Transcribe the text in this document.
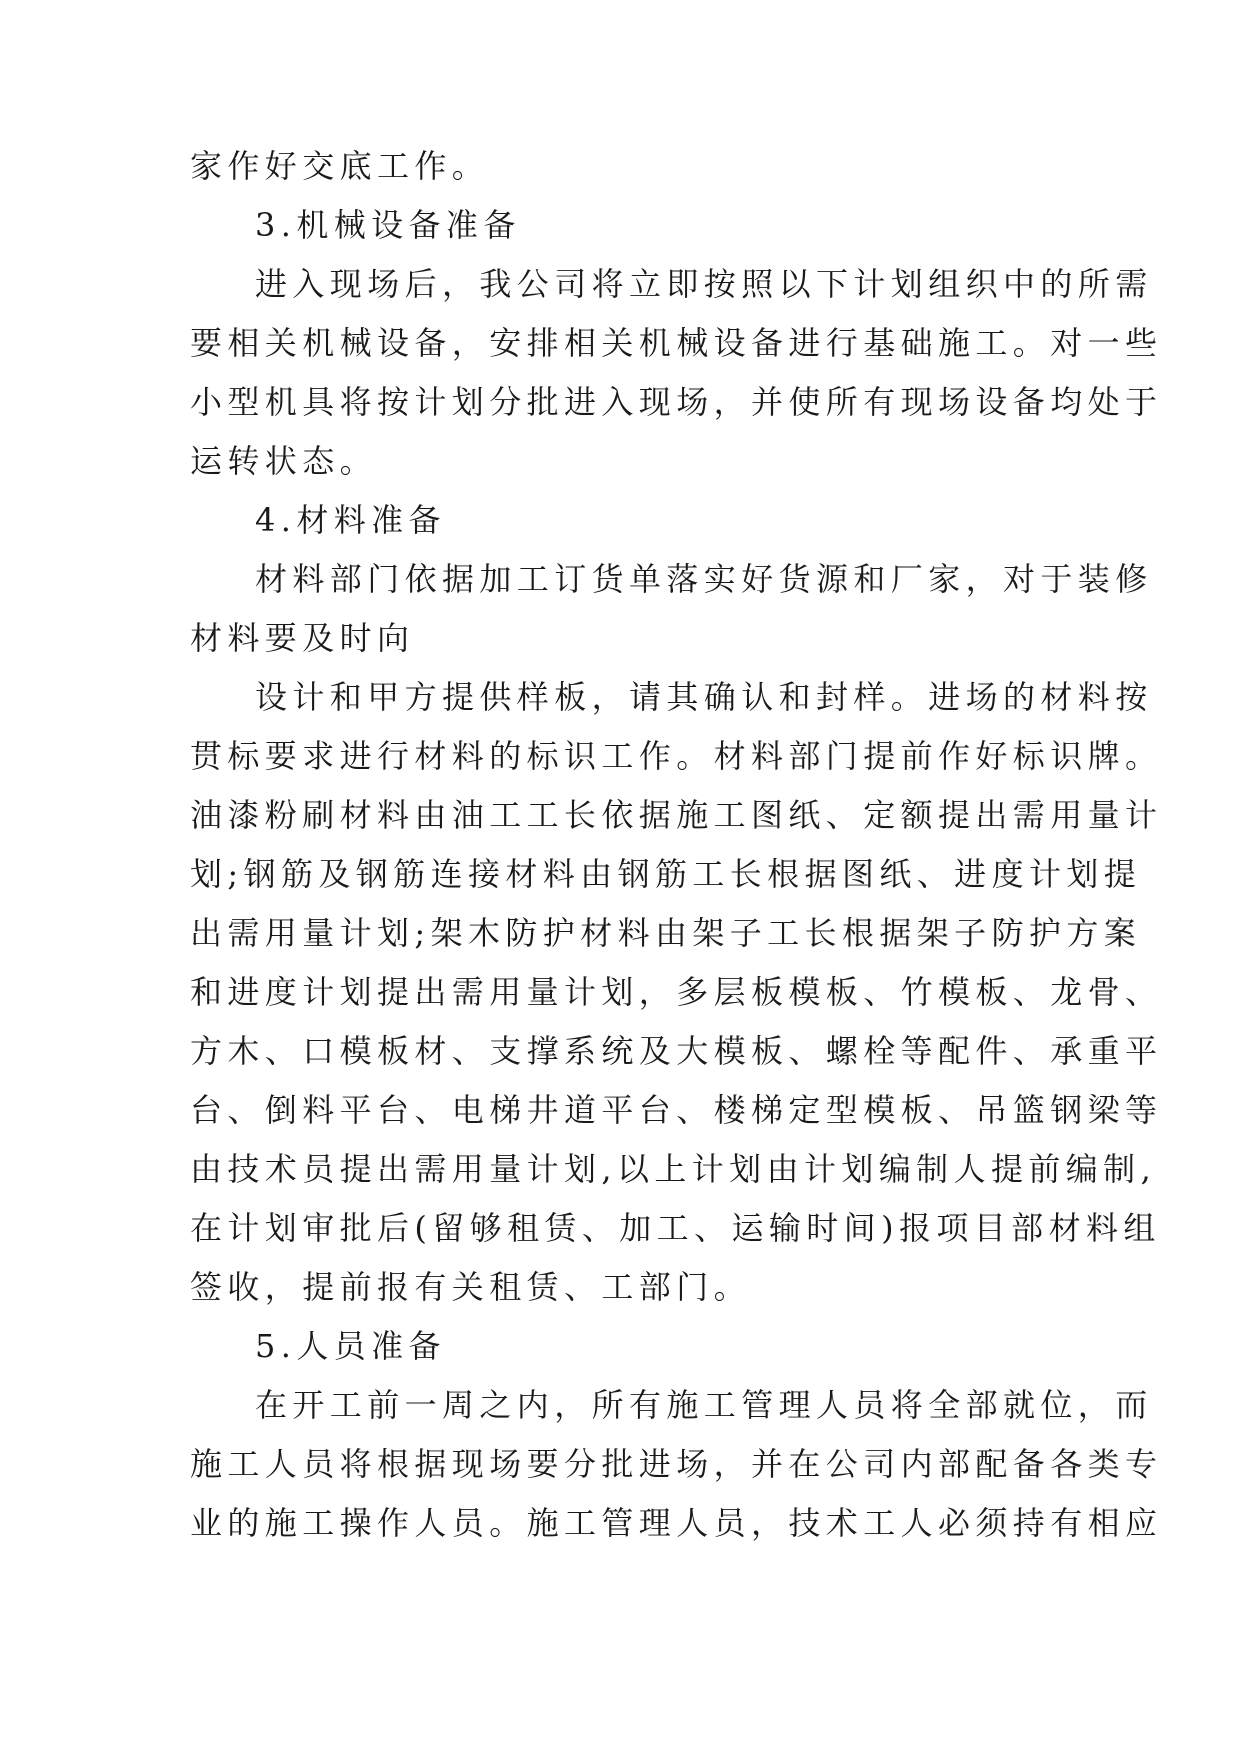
家作好交底工作。
3.机械设备准备
进入现场后，我公司将立即按照以下计划组织中的所需
要相关机械设备，安排相关机械设备进行基础施工。对一些
小型机具将按计划分批进入现场，并使所有现场设备均处于
运转状态。
4.材料准备
材料部门依据加工订货单落实好货源和厂家，对于装修
材料要及时向
设计和甲方提供样板，请其确认和封样。进场的材料按
贯标要求进行材料的标识工作。材料部门提前作好标识牌。
油漆粉刷材料由油工工长依据施工图纸、定额提出需用量计
划;钢筋及钢筋连接材料由钢筋工长根据图纸、进度计划提
出需用量计划;架木防护材料由架子工长根据架子防护方案
和进度计划提出需用量计划，多层板模板、竹模板、龙骨、
方木、口模板材、支撑系统及大模板、螺栓等配件、承重平
台、倒料平台、电梯井道平台、楼梯定型模板、吊篮钢梁等
由技术员提出需用量计划,以上计划由计划编制人提前编制,
在计划审批后(留够租赁、加工、运输时间)报项目部材料组
签收，提前报有关租赁、工部门。
5.人员准备
在开工前一周之内，所有施工管理人员将全部就位，而
施工人员将根据现场要分批进场，并在公司内部配备各类专
业的施工操作人员。施工管理人员，技术工人必须持有相应
